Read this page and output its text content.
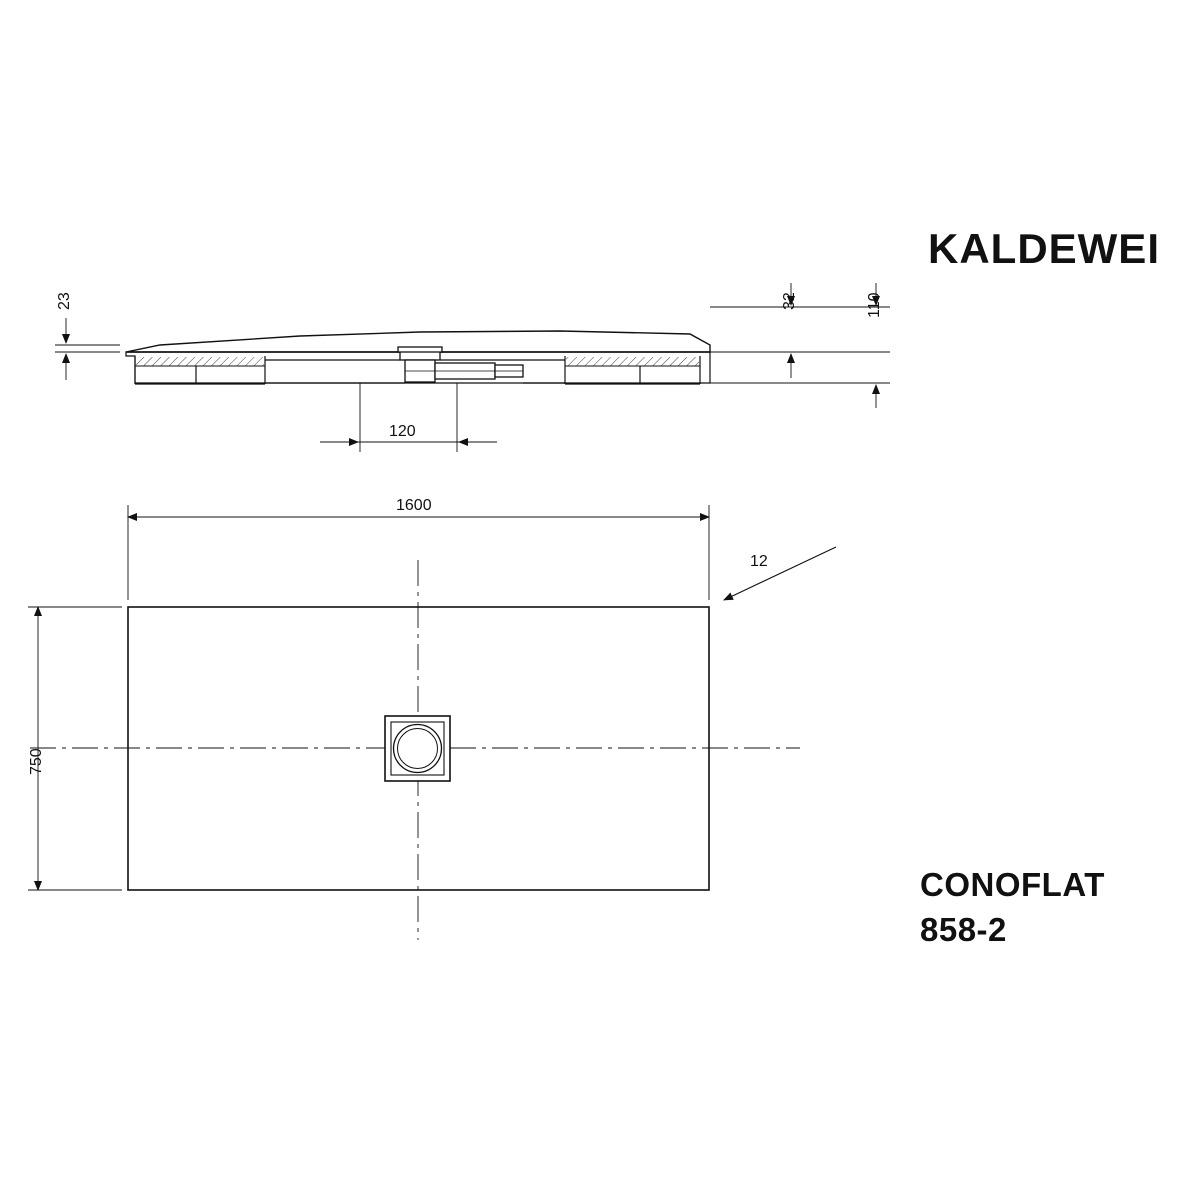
KALDEWEI
CONOFLAT
858-2
23	32	110
120
1600
750
12
